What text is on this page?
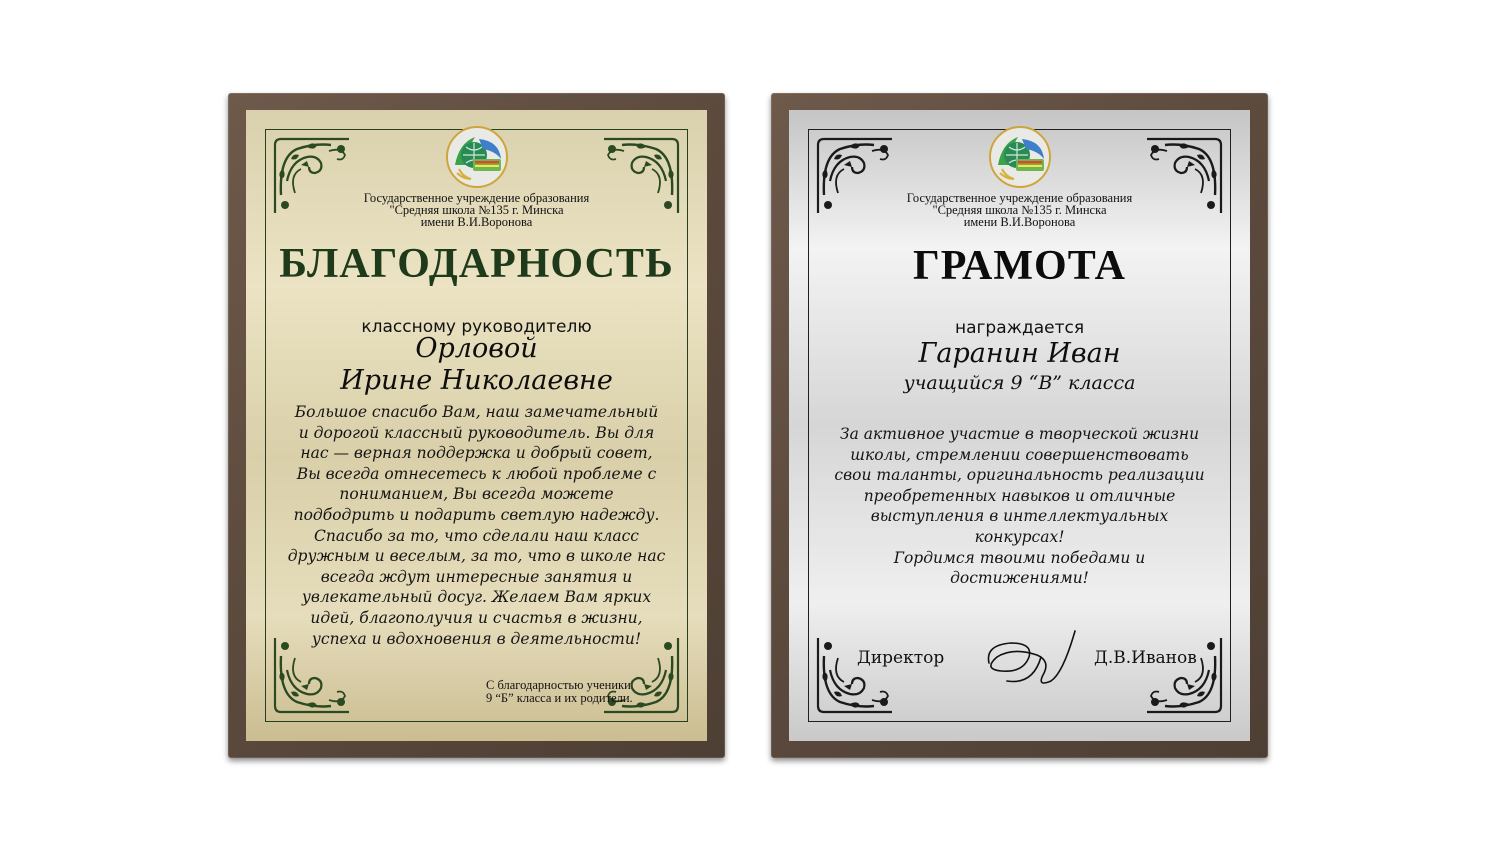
Государственное учреждение образования
"Средняя школа №135 г. Минска
имени В.И.Воронова
БЛАГОДАРНОСТЬ
классному руководителю
Орловой
Ирине Николаевне
Большое спасибо Вам, наш замечательный
и дорогой классный руководитель. Вы для
нас — верная поддержка и добрый совет,
Вы всегда отнесетесь к любой проблеме с
пониманием, Вы всегда можете
подбодрить и подарить светлую надежду.
Спасибо за то, что сделали наш класс
дружным и веселым, за то, что в школе нас
всегда ждут интересные занятия и
увлекательный досуг. Желаем Вам ярких
идей, благополучия и счастья в жизни,
успеха и вдохновения в деятельности!
С благодарностью ученики
9 “Б” класса и их родители.
Государственное учреждение образования
"Средняя школа №135 г. Минска
имени В.И.Воронова
ГРАМОТА
награждается
Гаранин Иван
учащийся 9 “В” класса
За активное участие в творческой жизни
школы, стремлении совершенствовать
свои таланты, оригинальность реализации
преобретенных навыков и отличные
выступления в интеллектуальных
конкурсах!
Гордимся твоими победами и
достижениями!
Директор	Д.В.Иванов
